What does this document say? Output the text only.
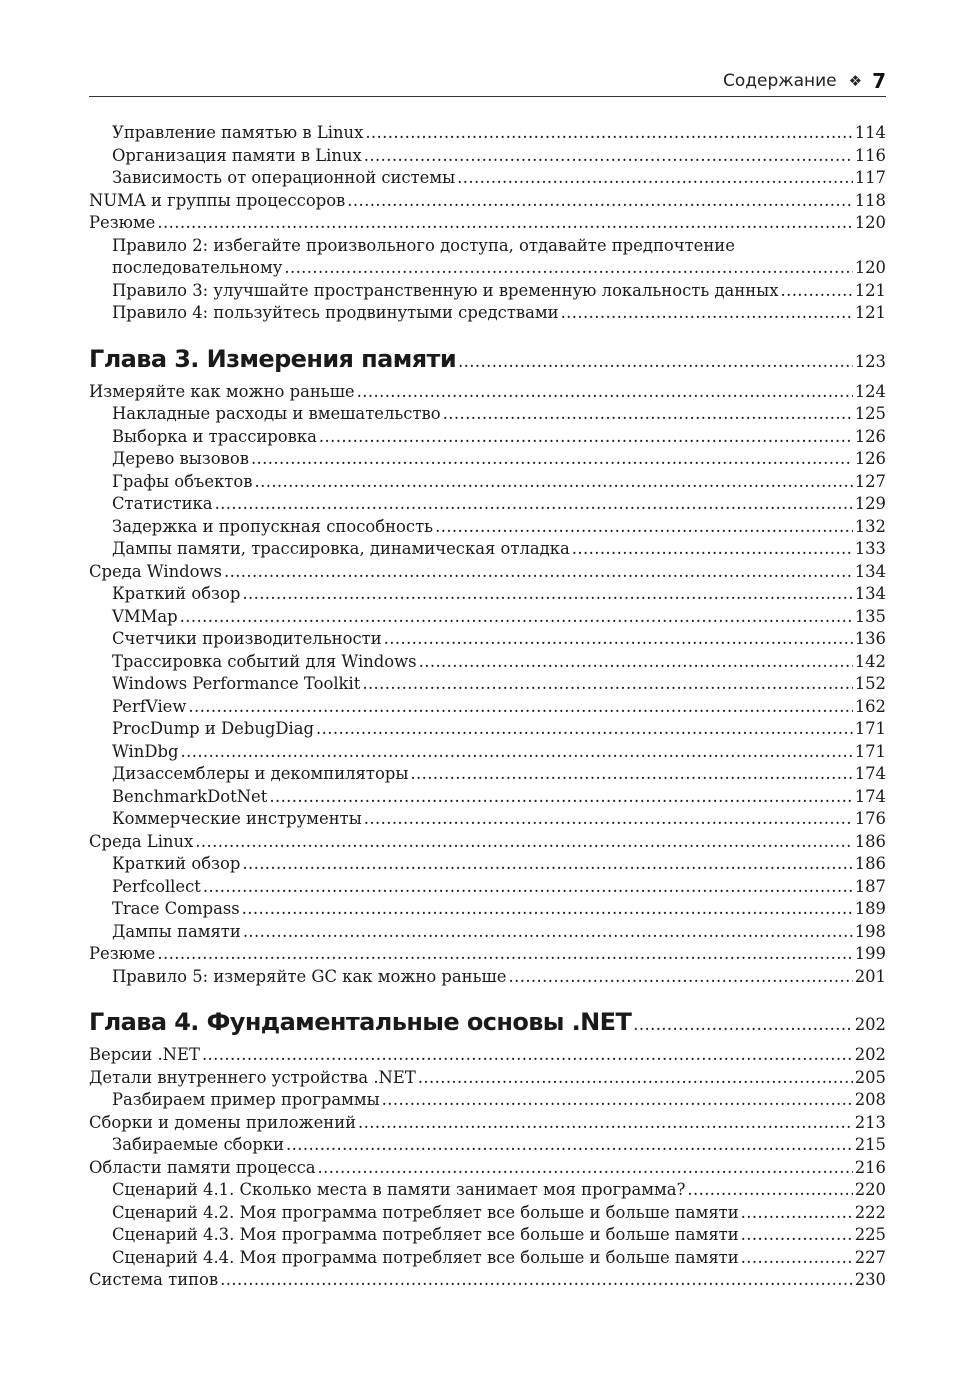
Содержание ❖ 7
Управление памятью в Linux .....	114
Организация памяти в Linux .....	116
Зависимость от операционной системы .....	117
NUMA и группы процессоров .....	118
Резюме .....	120
Правило 2: избегайте произвольного доступа, отдавайте предпочтение
последовательному .....	120
Правило 3: улучшайте пространственную и временную локальность данных .....	121
Правило 4: пользуйтесь продвинутыми средствами .....	121
Глава 3. Измерения памяти .....	123
Измеряйте как можно раньше .....	124
Накладные расходы и вмешательство .....	125
Выборка и трассировка .....	126
Дерево вызовов .....	126
Графы объектов .....	127
Статистика .....	129
Задержка и пропускная способность .....	132
Дампы памяти, трассировка, динамическая отладка .....	133
Среда Windows .....	134
Краткий обзор .....	134
VMMap .....	135
Счетчики производительности .....	136
Трассировка событий для Windows .....	142
Windows Performance Toolkit .....	152
PerfView .....	162
ProcDump и DebugDiag .....	171
WinDbg .....	171
Дизассемблеры и декомпиляторы .....	174
BenchmarkDotNet .....	174
Коммерческие инструменты .....	176
Среда Linux .....	186
Краткий обзор .....	186
Perfcollect .....	187
Trace Compass .....	189
Дампы памяти .....	198
Резюме .....	199
Правило 5: измеряйте GC как можно раньше .....	201
Глава 4. Фундаментальные основы .NET .....	202
Версии .NET .....	202
Детали внутреннего устройства .NET .....	205
Разбираем пример программы .....	208
Сборки и домены приложений .....	213
Забираемые сборки .....	215
Области памяти процесса .....	216
Сценарий 4.1. Сколько места в памяти занимает моя программа? .....	220
Сценарий 4.2. Моя программа потребляет все больше и больше памяти .....	222
Сценарий 4.3. Моя программа потребляет все больше и больше памяти .....	225
Сценарий 4.4. Моя программа потребляет все больше и больше памяти .....	227
Система типов .....	230
